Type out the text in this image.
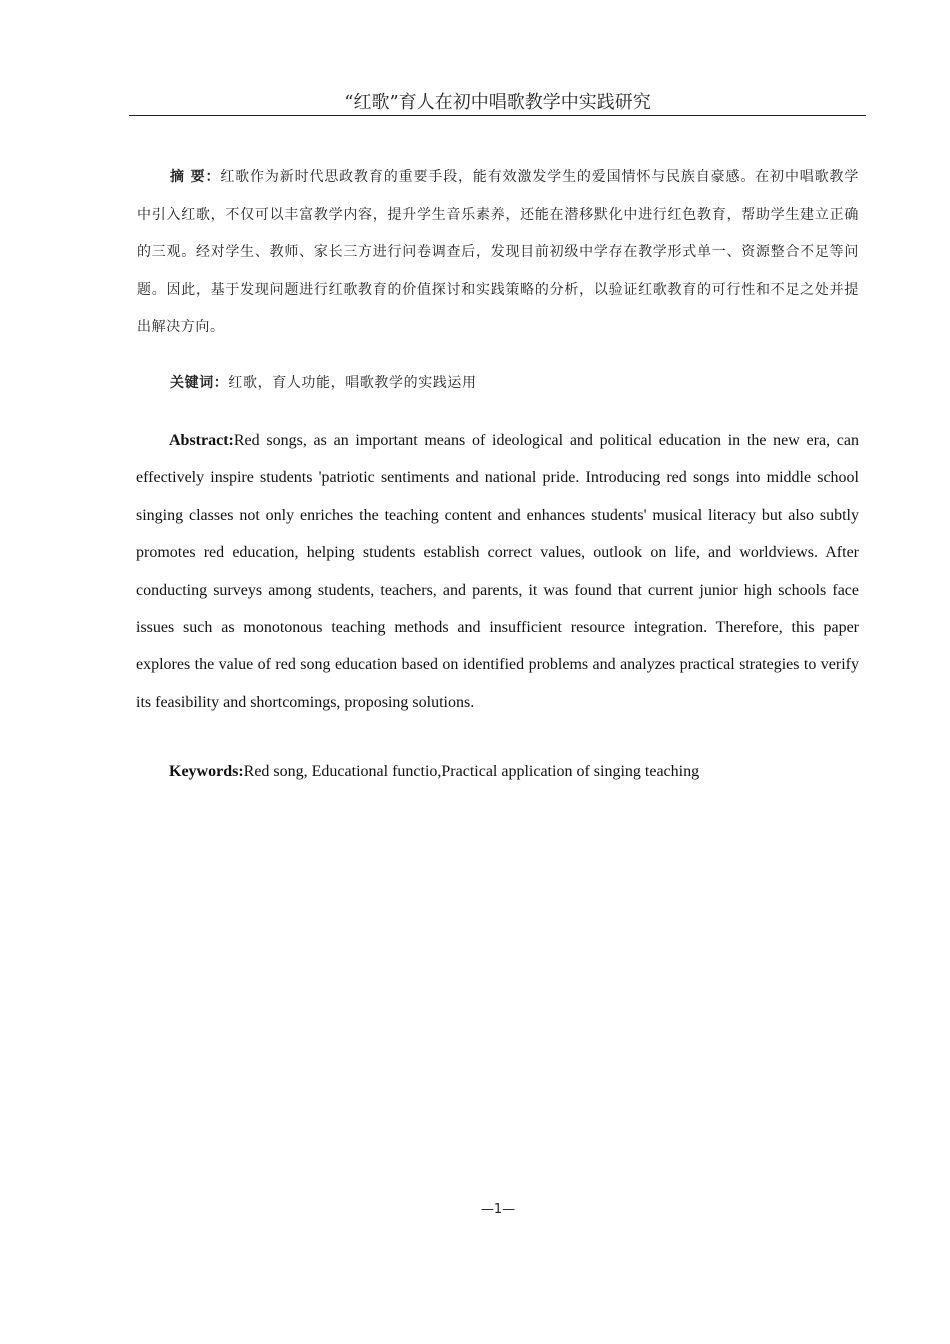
“红歌”育人在初中唱歌教学中实践研究
摘 要：红歌作为新时代思政教育的重要手段，能有效激发学生的爱国情怀与民族自豪感。在初中唱歌教学中引入红歌，不仅可以丰富教学内容，提升学生音乐素养，还能在潜移默化中进行红色教育，帮助学生建立正确的三观。经对学生、教师、家长三方进行问卷调查后，发现目前初级中学存在教学形式单一、资源整合不足等问题。因此，基于发现问题进行红歌教育的价值探讨和实践策略的分析，以验证红歌教育的可行性和不足之处并提出解决方向。
关键词：红歌，育人功能，唱歌教学的实践运用
Abstract:Red songs, as an important means of ideological and political education in the new era, can effectively inspire students 'patriotic sentiments and national pride. Introducing red songs into middle school singing classes not only enriches the teaching content and enhances students' musical literacy but also subtly promotes red education, helping students establish correct values, outlook on life, and worldviews. After conducting surveys among students, teachers, and parents, it was found that current junior high schools face issues such as monotonous teaching methods and insufficient resource integration. Therefore, this paper explores the value of red song education based on identified problems and analyzes practical strategies to verify its feasibility and shortcomings, proposing solutions.
Keywords:Red song, Educational functio,Practical application of singing teaching
—1—
